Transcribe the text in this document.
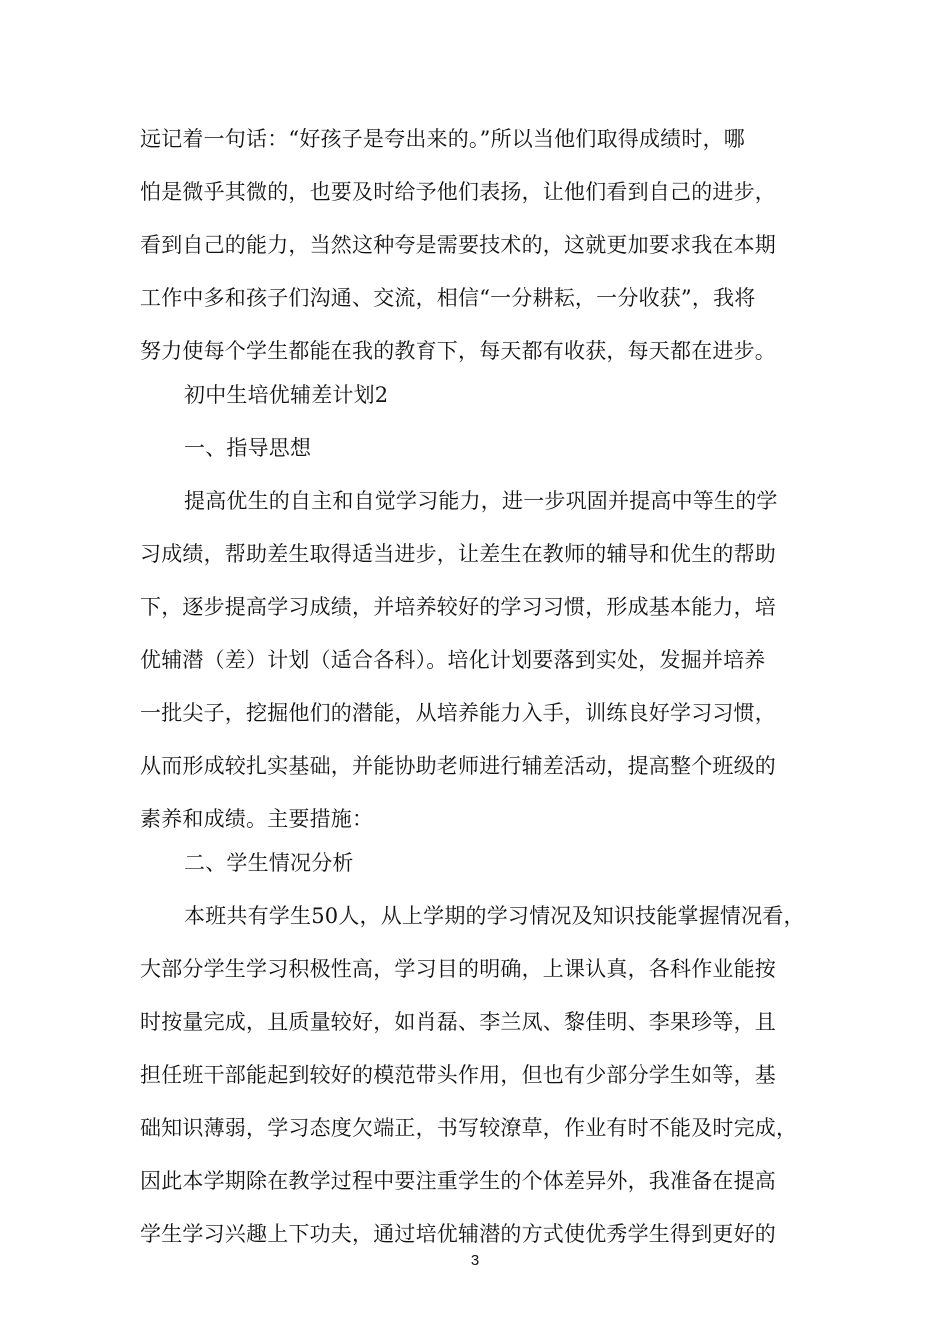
远记着一句话：“好孩子是夸出来的。”所以当他们取得成绩时，哪
怕是微乎其微的，也要及时给予他们表扬，让他们看到自己的进步，
看到自己的能力，当然这种夸是需要技术的，这就更加要求我在本期
工作中多和孩子们沟通、交流，相信“一分耕耘，一分收获”，我将
努力使每个学生都能在我的教育下，每天都有收获，每天都在进步。
初中生培优辅差计划2
一、指导思想
提高优生的自主和自觉学习能力，进一步巩固并提高中等生的学
习成绩，帮助差生取得适当进步，让差生在教师的辅导和优生的帮助
下，逐步提高学习成绩，并培养较好的学习习惯，形成基本能力，培
优辅潜（差）计划（适合各科）。培化计划要落到实处，发掘并培养
一批尖子，挖掘他们的潜能，从培养能力入手，训练良好学习习惯，
从而形成较扎实基础，并能协助老师进行辅差活动，提高整个班级的
素养和成绩。主要措施：
二、学生情况分析
本班共有学生50人，从上学期的学习情况及知识技能掌握情况看，
大部分学生学习积极性高，学习目的明确，上课认真，各科作业能按
时按量完成，且质量较好，如肖磊、李兰凤、黎佳明、李果珍等，且
担任班干部能起到较好的模范带头作用，但也有少部分学生如等，基
础知识薄弱，学习态度欠端正，书写较潦草，作业有时不能及时完成，
因此本学期除在教学过程中要注重学生的个体差异外，我准备在提高
学生学习兴趣上下功夫，通过培优辅潜的方式使优秀学生得到更好的
3
